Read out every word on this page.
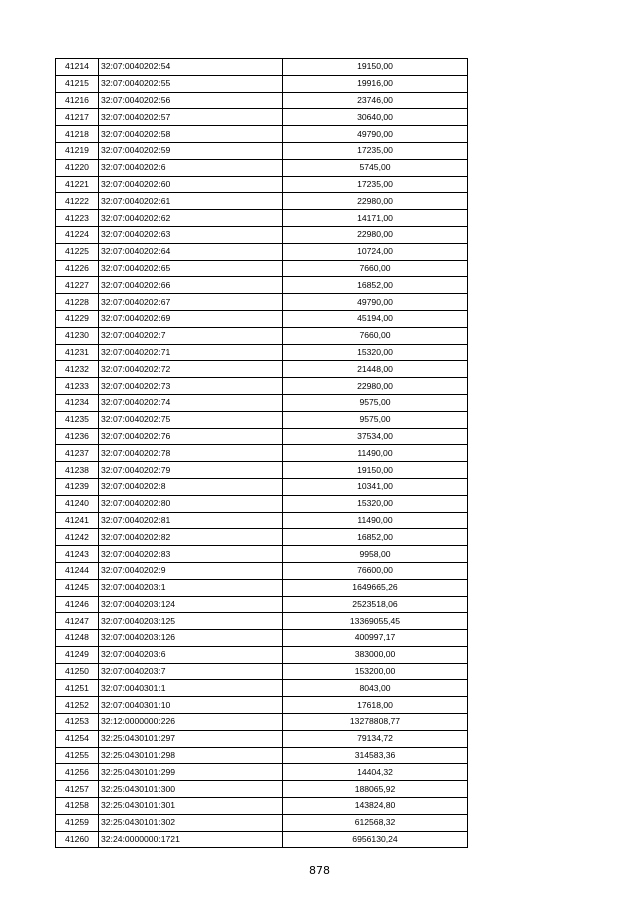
41214	32:07:0040202:54	19150,00
41215	32:07:0040202:55	19916,00
41216	32:07:0040202:56	23746,00
41217	32:07:0040202:57	30640,00
41218	32:07:0040202:58	49790,00
41219	32:07:0040202:59	17235,00
41220	32:07:0040202:6	5745,00
41221	32:07:0040202:60	17235,00
41222	32:07:0040202:61	22980,00
41223	32:07:0040202:62	14171,00
41224	32:07:0040202:63	22980,00
41225	32:07:0040202:64	10724,00
41226	32:07:0040202:65	7660,00
41227	32:07:0040202:66	16852,00
41228	32:07:0040202:67	49790,00
41229	32:07:0040202:69	45194,00
41230	32:07:0040202:7	7660,00
41231	32:07:0040202:71	15320,00
41232	32:07:0040202:72	21448,00
41233	32:07:0040202:73	22980,00
41234	32:07:0040202:74	9575,00
41235	32:07:0040202:75	9575,00
41236	32:07:0040202:76	37534,00
41237	32:07:0040202:78	11490,00
41238	32:07:0040202:79	19150,00
41239	32:07:0040202:8	10341,00
41240	32:07:0040202:80	15320,00
41241	32:07:0040202:81	11490,00
41242	32:07:0040202:82	16852,00
41243	32:07:0040202:83	9958,00
41244	32:07:0040202:9	76600,00
41245	32:07:0040203:1	1649665,26
41246	32:07:0040203:124	2523518,06
41247	32:07:0040203:125	13369055,45
41248	32:07:0040203:126	400997,17
41249	32:07:0040203:6	383000,00
41250	32:07:0040203:7	153200,00
41251	32:07:0040301:1	8043,00
41252	32:07:0040301:10	17618,00
41253	32:12:0000000:226	13278808,77
41254	32:25:0430101:297	79134,72
41255	32:25:0430101:298	314583,36
41256	32:25:0430101:299	14404,32
41257	32:25:0430101:300	188065,92
41258	32:25:0430101:301	143824,80
41259	32:25:0430101:302	612568,32
41260	32:24:0000000:1721	6956130,24
878
